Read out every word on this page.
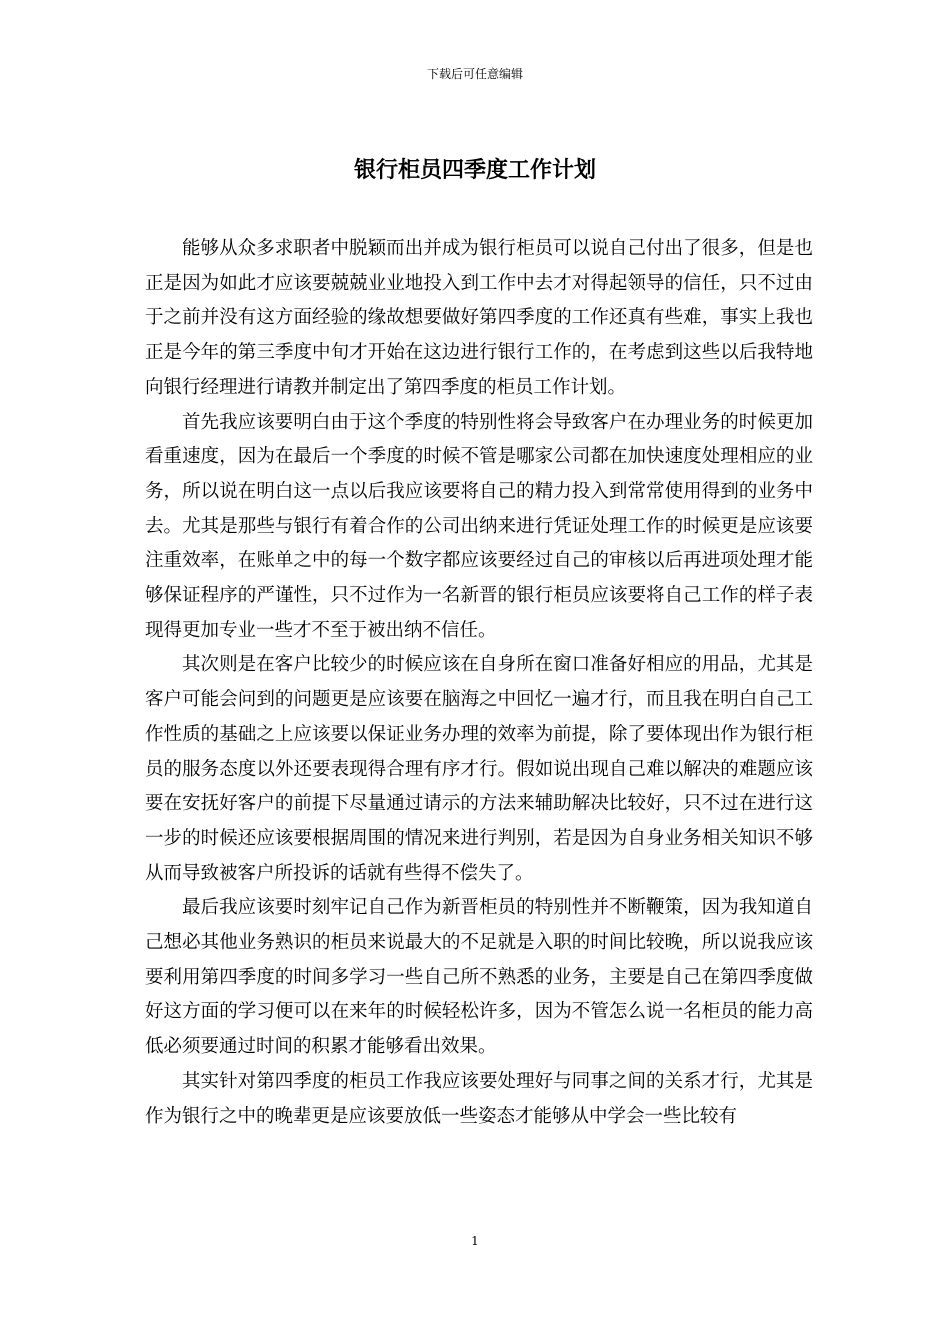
下载后可任意编辑
银行柜员四季度工作计划

能够从众多求职者中脱颖而出并成为银行柜员可以说自己付出了很多，但是也正是因为如此才应该要兢兢业业地投入到工作中去才对得起领导的信任，只不过由于之前并没有这方面经验的缘故想要做好第四季度的工作还真有些难，事实上我也正是今年的第三季度中旬才开始在这边进行银行工作的，在考虑到这些以后我特地向银行经理进行请教并制定出了第四季度的柜员工作计划。

首先我应该要明白由于这个季度的特别性将会导致客户在办理业务的时候更加看重速度，因为在最后一个季度的时候不管是哪家公司都在加快速度处理相应的业务，所以说在明白这一点以后我应该要将自己的精力投入到常常使用得到的业务中去。尤其是那些与银行有着合作的公司出纳来进行凭证处理工作的时候更是应该要注重效率，在账单之中的每一个数字都应该要经过自己的审核以后再进项处理才能够保证程序的严谨性，只不过作为一名新晋的银行柜员应该要将自己工作的样子表现得更加专业一些才不至于被出纳不信任。

其次则是在客户比较少的时候应该在自身所在窗口准备好相应的用品，尤其是客户可能会问到的问题更是应该要在脑海之中回忆一遍才行，而且我在明白自己工作性质的基础之上应该要以保证业务办理的效率为前提，除了要体现出作为银行柜员的服务态度以外还要表现得合理有序才行。假如说出现自己难以解决的难题应该要在安抚好客户的前提下尽量通过请示的方法来辅助解决比较好，只不过在进行这一步的时候还应该要根据周围的情况来进行判别，若是因为自身业务相关知识不够从而导致被客户所投诉的话就有些得不偿失了。

最后我应该要时刻牢记自己作为新晋柜员的特别性并不断鞭策，因为我知道自己想必其他业务熟识的柜员来说最大的不足就是入职的时间比较晚，所以说我应该要利用第四季度的时间多学习一些自己所不熟悉的业务，主要是自己在第四季度做好这方面的学习便可以在来年的时候轻松许多，因为不管怎么说一名柜员的能力高低必须要通过时间的积累才能够看出效果。

其实针对第四季度的柜员工作我应该要处理好与同事之间的关系才行，尤其是作为银行之中的晚辈更是应该要放低一些姿态才能够从中学会一些比较有

1
